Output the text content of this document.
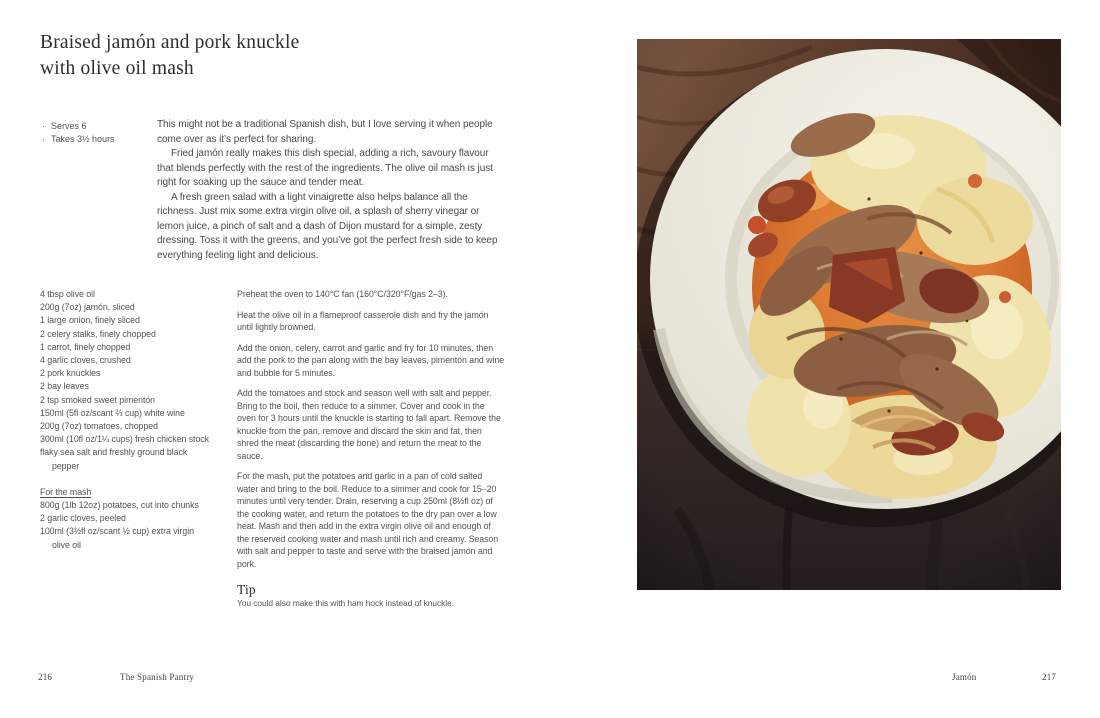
Braised jamón and pork knuckle
with olive oil mash
· Serves 6
· Takes 3½ hours

This might not be a traditional Spanish dish, but I love serving it when people come over as it’s perfect for sharing.

Fried jamón really makes this dish special, adding a rich, savoury flavour that blends perfectly with the rest of the ingredients. The olive oil mash is just right for soaking up the sauce and tender meat.

A fresh green salad with a light vinaigrette also helps balance all the richness. Just mix some extra virgin olive oil, a splash of sherry vinegar or lemon juice, a pinch of salt and a dash of Dijon mustard for a simple, zesty dressing. Toss it with the greens, and you’ve got the perfect fresh side to keep everything feeling light and delicious.

4 tbsp olive oil
200g (7oz) jamón, sliced
1 large onion, finely sliced
2 celery stalks, finely chopped
1 carrot, finely chopped
4 garlic cloves, crushed
2 pork knuckles
2 bay leaves
2 tsp smoked sweet pimentón
150ml (5fl oz/scant ⅔ cup) white wine
200g (7oz) tomatoes, chopped
300ml (10fl oz/1¼ cups) fresh chicken stock
flaky sea salt and freshly ground black pepper
For the mash
800g (1lb 12oz) potatoes, cut into chunks
2 garlic cloves, peeled
100ml (3½fl oz/scant ½ cup) extra virgin olive oil

Preheat the oven to 140°C fan (160°C/320°F/gas 2–3).

Heat the olive oil in a flameproof casserole dish and fry the jamón until lightly browned.

Add the onion, celery, carrot and garlic and fry for 10 minutes, then add the pork to the pan along with the bay leaves, pimentón and wine and bubble for 5 minutes.

Add the tomatoes and stock and season well with salt and pepper. Bring to the boil, then reduce to a simmer. Cover and cook in the oven for 3 hours until the knuckle is starting to fall apart. Remove the knuckle from the pan, remove and discard the skin and fat, then shred the meat (discarding the bone) and return the meat to the sauce.

For the mash, put the potatoes and garlic in a pan of cold salted water and bring to the boil. Reduce to a simmer and cook for 15–20 minutes until very tender. Drain, reserving a cup 250ml (8½fl oz) of the cooking water, and return the potatoes to the dry pan over a low heat. Mash and then add in the extra virgin olive oil and enough of the reserved cooking water and mash until rich and creamy. Season with salt and pepper to taste and serve with the braised jamón and pork.

Tip

You could also make this with ham hock instead of knuckle.

216	The Spanish Pantry	Jamón	217
